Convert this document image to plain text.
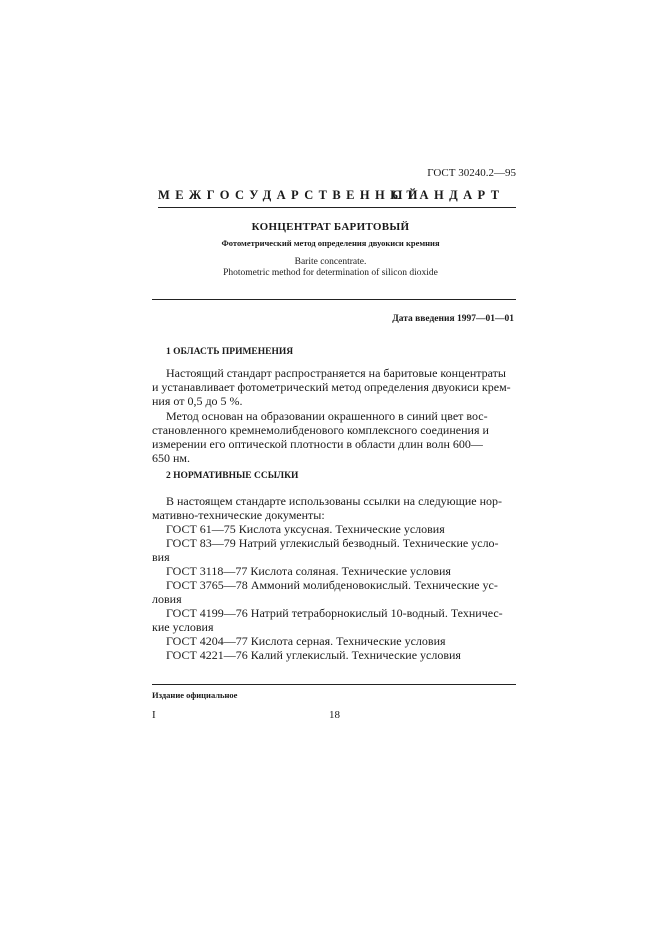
ГОСТ 30240.2—95
МЕЖГОСУДАРСТВЕННЫЙ
СТАНДАРТ
КОНЦЕНТРАТ БАРИТОВЫЙ
Фотометрический метод определения двуокиси кремния
Barite concentrate.
Photometric method for determination of silicon dioxide
Дата введения 1997—01—01
1 ОБЛАСТЬ ПРИМЕНЕНИЯ
Настоящий стандарт распространяется на баритовые концентраты
и устанавливает фотометрический метод определения двуокиси крем-
ния от 0,5 до 5 %.
Метод основан на образовании окрашенного в синий цвет вос-
становленного кремнемолибденового комплексного соединения и
измерении его оптической плотности в области длин волн 600—
650 нм.
2 НОРМАТИВНЫЕ ССЫЛКИ
В настоящем стандарте использованы ссылки на следующие нор-
мативно-технические документы:
ГОСТ 61—75 Кислота уксусная. Технические условия
ГОСТ 83—79 Натрий углекислый безводный. Технические усло-
вия
ГОСТ 3118—77 Кислота соляная. Технические условия
ГОСТ 3765—78 Аммоний молибденовокислый. Технические ус-
ловия
ГОСТ 4199—76 Натрий тетраборнокислый 10-водный. Техничес-
кие условия
ГОСТ 4204—77 Кислота серная. Технические условия
ГОСТ 4221—76 Калий углекислый. Технические условия
Издание официальное
I	18
